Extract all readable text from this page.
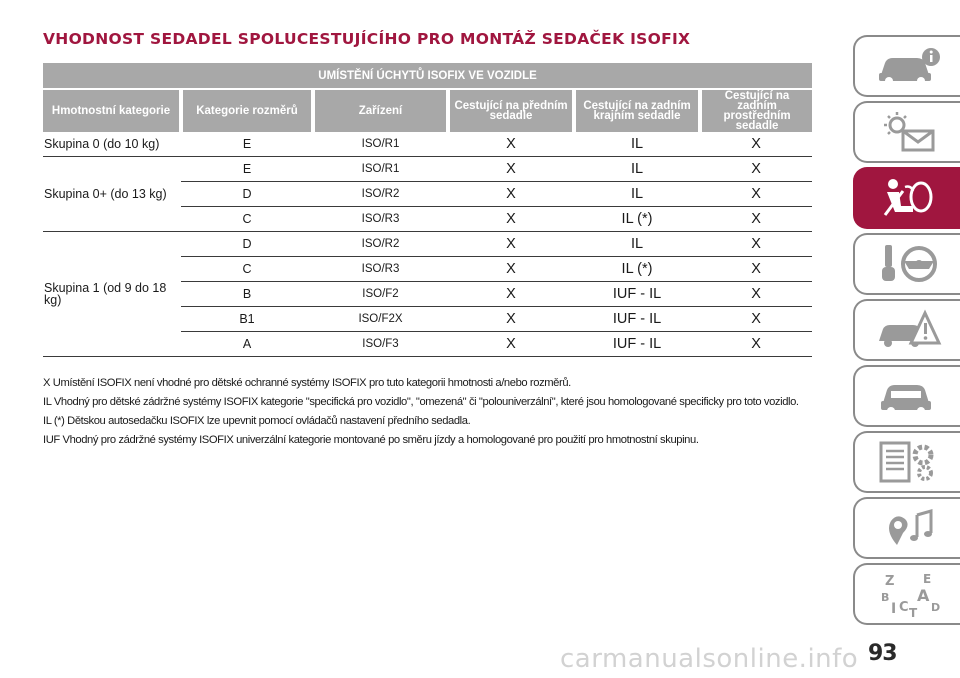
VHODNOST SEDADEL SPOLUCESTUJÍCÍHO PRO MONTÁŽ SEDAČEK ISOFIX
UMÍSTĚNÍ ÚCHYTŮ ISOFIX VE VOZIDLE					
Hmotnostní kategorie	Kategorie rozměrů	Zařízení	Cestující na předním sedadle	Cestující na zadním krajním sedadle	Cestující na zadním prostředním sedadle
Skupina 0 (do 10 kg)	E	ISO/R1	X	IL	X
Skupina 0+ (do 13 kg)	E	ISO/R1	X	IL	X
	D	ISO/R2	X	IL	X
	C	ISO/R3	X	IL (*)	X
Skupina 1 (od 9 do 18 kg)	D	ISO/R2	X	IL	X
	C	ISO/R3	X	IL (*)	X
	B	ISO/F2	X	IUF - IL	X
	B1	ISO/F2X	X	IUF - IL	X
	A	ISO/F3	X	IUF - IL	X

X Umístění ISOFIX není vhodné pro dětské ochranné systémy ISOFIX pro tuto kategorii hmotnosti a/nebo rozměrů.

IL Vhodný pro dětské zádržné systémy ISOFIX kategorie "specifická pro vozidlo", "omezená" či "polouniverzální", které jsou homologované specificky pro toto vozidlo.

IL (*) Dětskou autosedačku ISOFIX lze upevnit pomocí ovládačů nastavení předního sedadla.

IUF Vhodný pro zádržné systémy ISOFIX univerzální kategorie montované po směru jízdy a homologované pro použití pro hmotnostní skupinu.

Z E
B A
I C D
T
carmanualsonline.info 93
